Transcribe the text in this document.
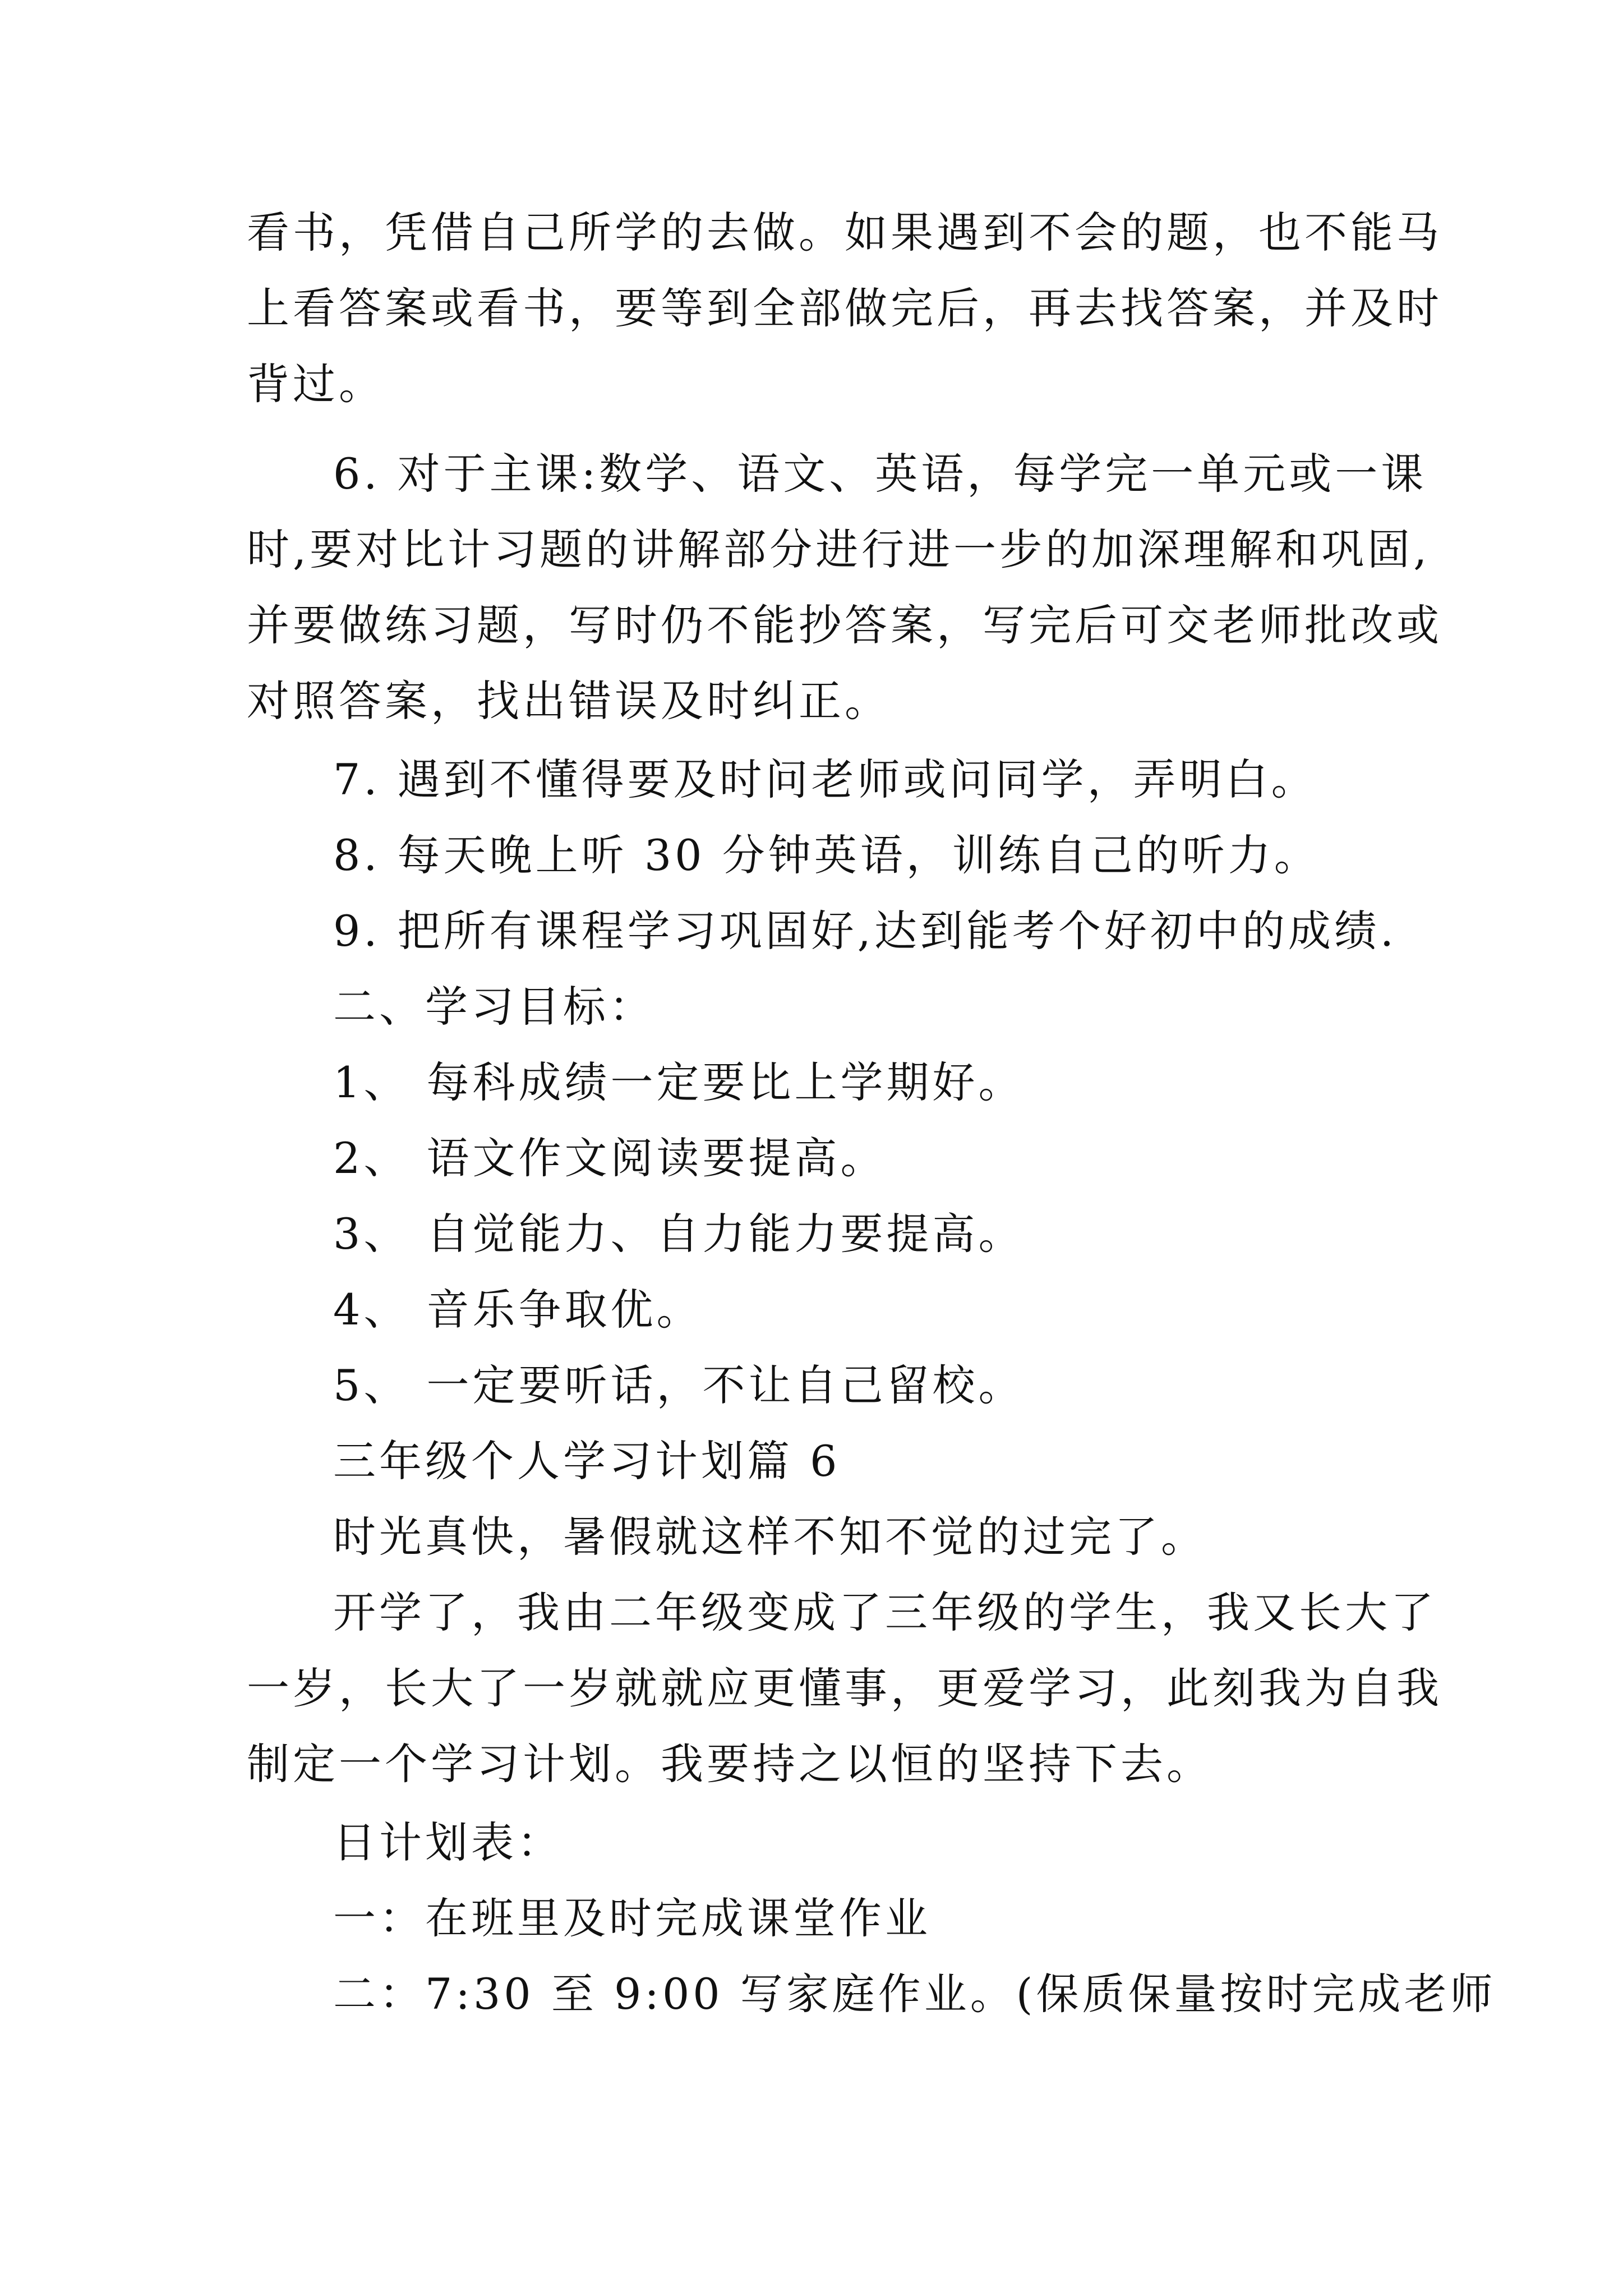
看书，凭借自己所学的去做。如果遇到不会的题，也不能马
上看答案或看书，要等到全部做完后，再去找答案，并及时
背过。
6. 对于主课:数学、语文、英语，每学完一单元或一课
时,要对比计习题的讲解部分进行进一步的加深理解和巩固,
并要做练习题，写时仍不能抄答案，写完后可交老师批改或
对照答案，找出错误及时纠正。
7. 遇到不懂得要及时问老师或问同学，弄明白。
8. 每天晚上听 30 分钟英语，训练自己的听力。
9. 把所有课程学习巩固好,达到能考个好初中的成绩.
二、学习目标：
1、 每科成绩一定要比上学期好。
2、 语文作文阅读要提高。
3、 自觉能力、自力能力要提高。
4、 音乐争取优。
5、 一定要听话，不让自己留校。
三年级个人学习计划篇 6
时光真快，暑假就这样不知不觉的过完了。
开学了，我由二年级变成了三年级的学生，我又长大了
一岁，长大了一岁就就应更懂事，更爱学习，此刻我为自我
制定一个学习计划。我要持之以恒的坚持下去。
日计划表：
一：在班里及时完成课堂作业
二：7:30 至 9:00 写家庭作业。(保质保量按时完成老师
